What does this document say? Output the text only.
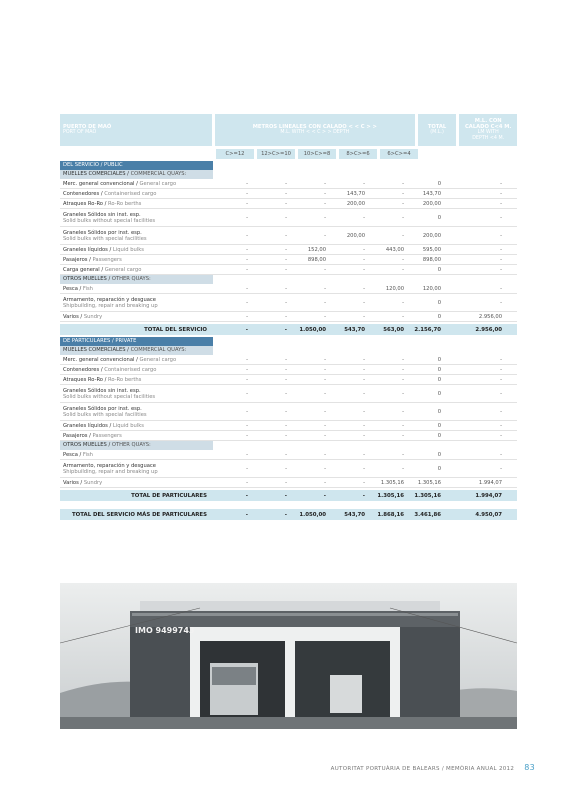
PUERTO DE MAÓ
PORT OF MAÓ
METROS LINEALES CON CALADO < < C > >
M.L. WITH < < C > > DEPTH
TOTAL
(M.L.)
M.L. CON
CALADO C<4 M.
LM WITH
DEPTH <4 M.
C>=12	12>C>=10	10>C>=8	8>C>=6	6>C>=4
DEL SERVICIO / PUBLIC
MUELLES COMERCIALES / COMMERCIAL QUAYS:
Merc. general convencional / General cargo	-	-	-	-	-	0	-
Contenedores / Containerised cargo	-	-	-	143,70	-	143,70	-
Atraques Ro-Ro / Ro-Ro berths	-	-	-	200,00	-	200,00	-
Graneles Sólidos sin inst. esp.
Solid bulks without special facilities	-	-	-	-	-	0	-
Graneles Sólidos por inst. esp.
Solid bulks with special facilities	-	-	-	200,00	-	200,00	-
Graneles líquidos / Liquid bulks	-	-	152,00	-	443,00	595,00	-
Pasajeros / Passengers	-	-	898,00	-	-	898,00	-
Carga general / General cargo	-	-	-	-	-	0	-
OTROS MUELLES / OTHER QUAYS:
Pesca / Fish	-	-	-	-	120,00	120,00	-
Armamento, reparación y desguace
Shipbuilding, repair and breaking up	-	-	-	-	-	0	-
Varios / Sundry	-	-	-	-	-	0	2.956,00
TOTAL DEL SERVICIO	-	-	1.050,00	543,70	563,00	2.156,70	2.956,00
DE PARTICULARES / PRIVATE
MUELLES COMERCIALES / COMMERCIAL QUAYS:
Merc. general convencional / General cargo	-	-	-	-	-	0	-
Contenedores / Containerised cargo	-	-	-	-	-	0	-
Atraques Ro-Ro / Ro-Ro berths	-	-	-	-	-	0	-
Graneles Sólidos sin inst. esp.
Solid bulks without special facilities	-	-	-	-	-	0	-
Graneles Sólidos por inst. esp.
Solid bulks with special facilities	-	-	-	-	-	0	-
Graneles líquidos / Liquid bulks	-	-	-	-	-	0	-
Pasajeros / Passengers	-	-	-	-	-	0	-
OTROS MUELLES / OTHER QUAYS:
Pesca / Fish	-	-	-	-	-	0	-
Armamento, reparación y desguace
Shipbuilding, repair and breaking up	-	-	-	-	-	0	-
Varios / Sundry	-	-	-	-	1.305,16	1.305,16	1.994,07
TOTAL DE PARTICULARES	-	-	-	-	1.305,16	1.305,16	1.994,07
TOTAL DEL SERVICIO MÁS DE PARTICULARES	-	-	1.050,00	543,70	1.868,16	3.461,86	4.950,07
IMO 9499743
AUTORITAT PORTUÀRIA DE BALEARS / MEMÒRIA ANUAL 2012 83
